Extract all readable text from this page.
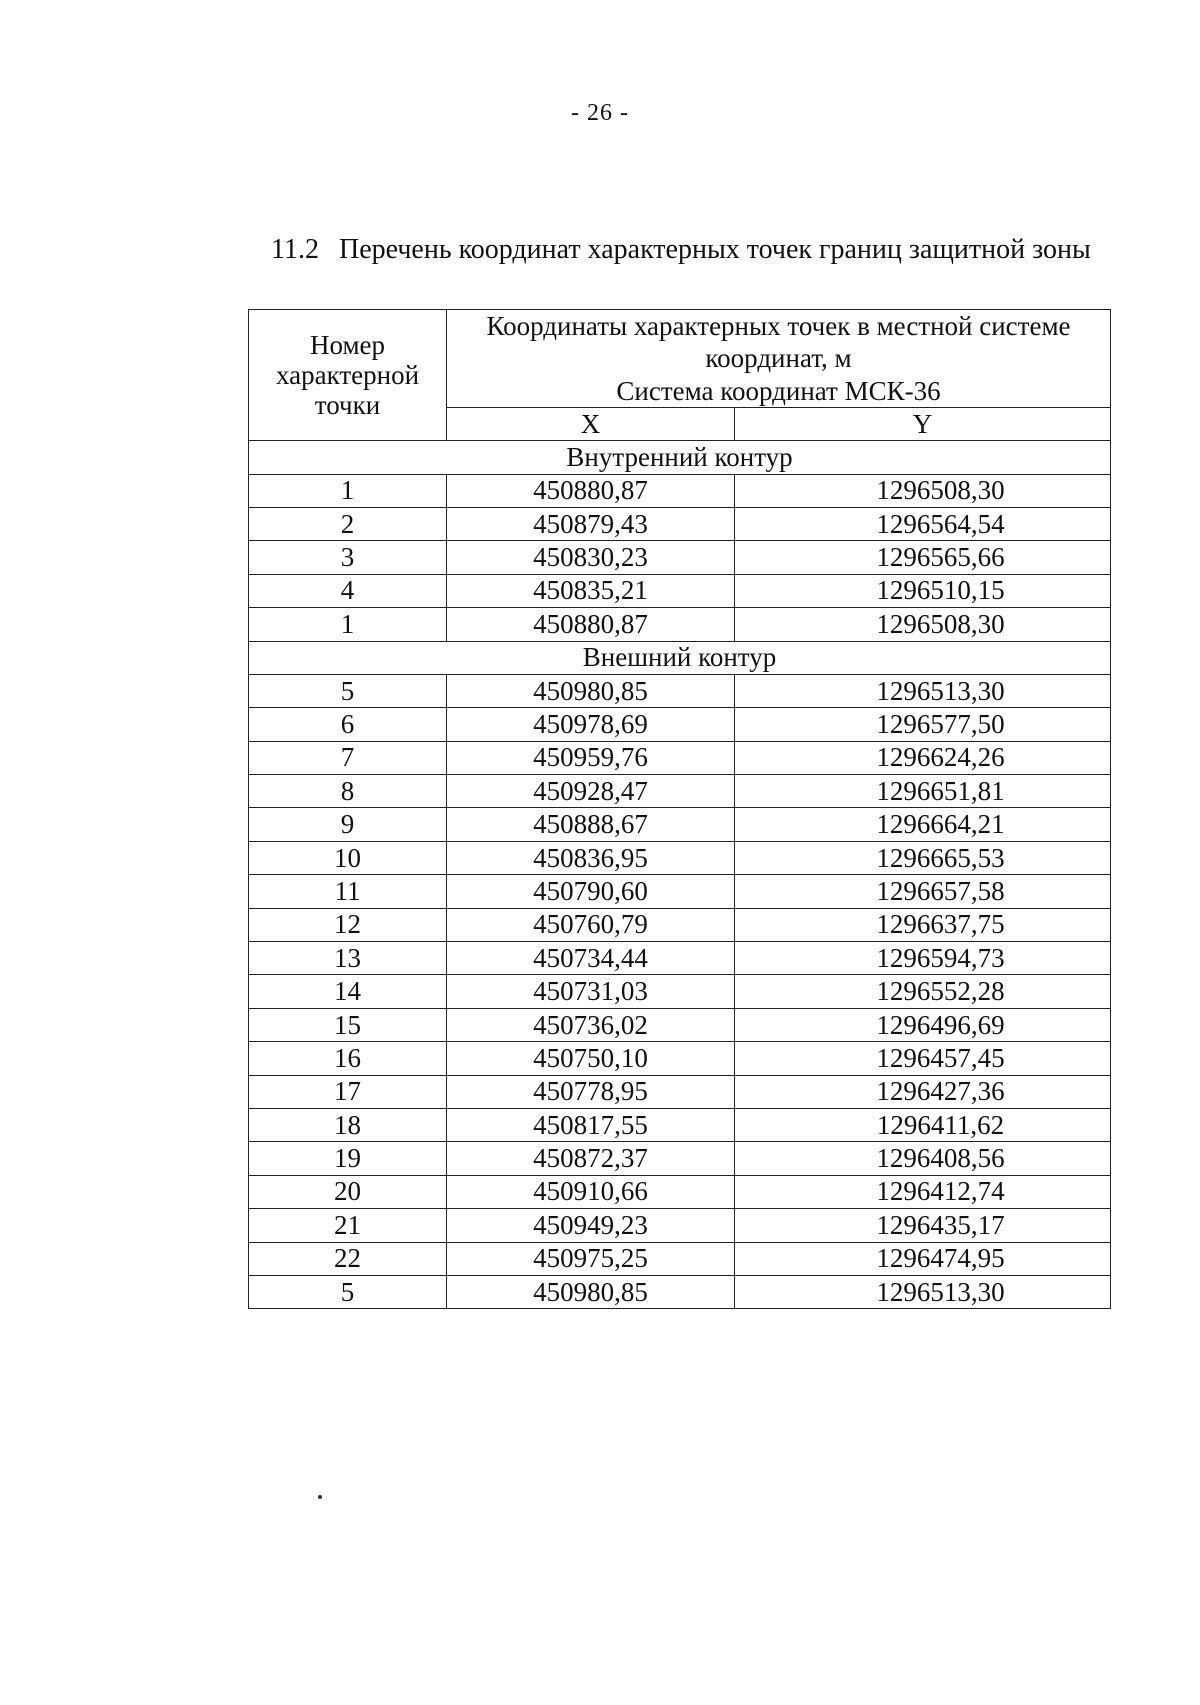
- 26 -
11.2 Перечень координат характерных точек границ защитной зоны
Номер
характерной
точки	Координаты характерных точек в местной системе
координат, м
Система координат МСК-36	

	X	Y
Внутренний контур		
1	450880,87	1296508,30
2	450879,43	1296564,54
3	450830,23	1296565,66
4	450835,21	1296510,15
1	450880,87	1296508,30
Внешний контур		
5	450980,85	1296513,30
6	450978,69	1296577,50
7	450959,76	1296624,26
8	450928,47	1296651,81
9	450888,67	1296664,21
10	450836,95	1296665,53
11	450790,60	1296657,58
12	450760,79	1296637,75
13	450734,44	1296594,73
14	450731,03	1296552,28
15	450736,02	1296496,69
16	450750,10	1296457,45
17	450778,95	1296427,36
18	450817,55	1296411,62
19	450872,37	1296408,56
20	450910,66	1296412,74
21	450949,23	1296435,17
22	450975,25	1296474,95
5	450980,85	1296513,30
